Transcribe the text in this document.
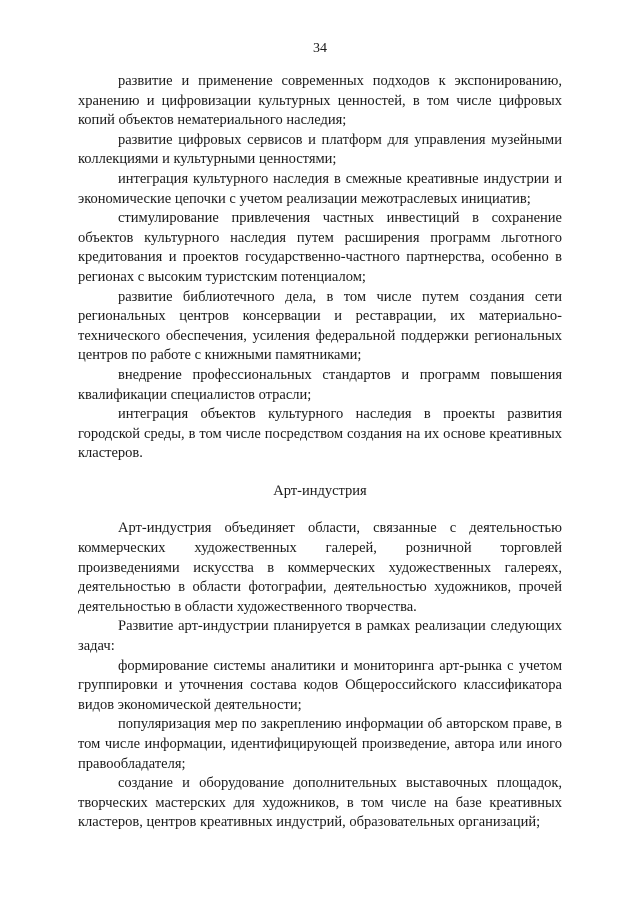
34

развитие и применение современных подходов к экспонированию, хранению и цифровизации культурных ценностей, в том числе цифровых копий объектов нематериального наследия;

развитие цифровых сервисов и платформ для управления музейными коллекциями и культурными ценностями;

интеграция культурного наследия в смежные креативные индустрии и экономические цепочки с учетом реализации межотраслевых инициатив;

стимулирование привлечения частных инвестиций в сохранение объектов культурного наследия путем расширения программ льготного кредитования и проектов государственно-частного партнерства, особенно в регионах с высоким туристским потенциалом;

развитие библиотечного дела, в том числе путем создания сети региональных центров консервации и реставрации, их материально-технического обеспечения, усиления федеральной поддержки региональных центров по работе с книжными памятниками;

внедрение профессиональных стандартов и программ повышения квалификации специалистов отрасли;

интеграция объектов культурного наследия в проекты развития городской среды, в том числе посредством создания на их основе креативных кластеров.

Арт-индустрия

Арт-индустрия объединяет области, связанные с деятельностью коммерческих художественных галерей, розничной торговлей произведениями искусства в коммерческих художественных галереях, деятельностью в области фотографии, деятельностью художников, прочей деятельностью в области художественного творчества.

Развитие арт-индустрии планируется в рамках реализации следующих задач:

формирование системы аналитики и мониторинга арт-рынка с учетом группировки и уточнения состава кодов Общероссийского классификатора видов экономической деятельности;

популяризация мер по закреплению информации об авторском праве, в том числе информации, идентифицирующей произведение, автора или иного правообладателя;

создание и оборудование дополнительных выставочных площадок, творческих мастерских для художников, в том числе на базе креативных кластеров, центров креативных индустрий, образовательных организаций;
